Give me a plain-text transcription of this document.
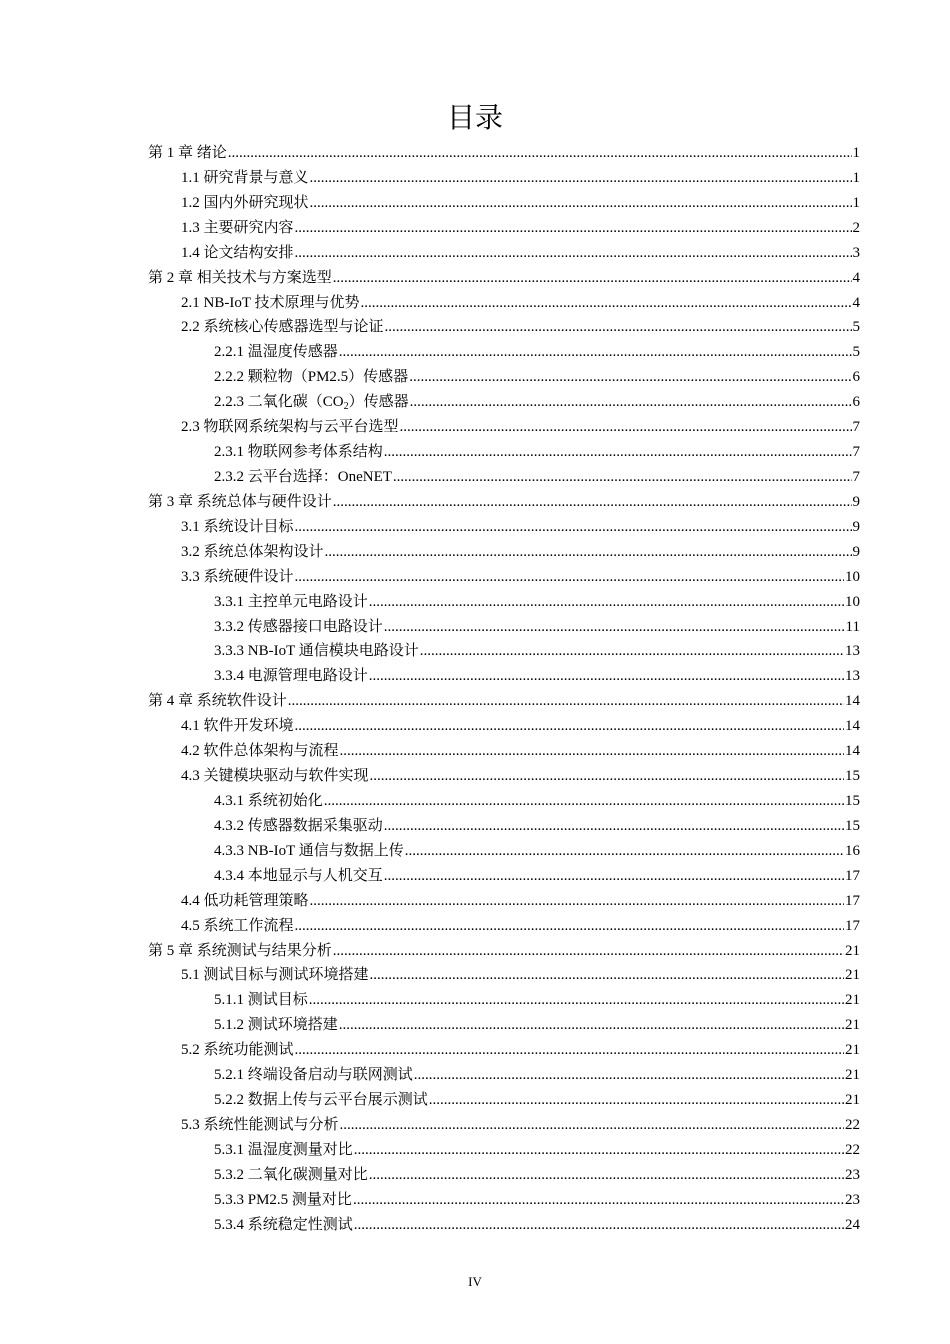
目录
第 1 章 绪论 .....	1
1.1 研究背景与意义 .....	1
1.2 国内外研究现状 .....	1
1.3 主要研究内容 .....	2
1.4 论文结构安排 .....	3
第 2 章 相关技术与方案选型 .....	4
2.1 NB-IoT 技术原理与优势 .....	4
2.2 系统核心传感器选型与论证 .....	5
2.2.1 温湿度传感器 .....	5
2.2.2 颗粒物（PM2.5）传感器 .....	6
2.2.3 二氧化碳$(CO_2)$传感器 .....	6
2.3 物联网系统架构与云平台选型 .....	7
2.3.1 物联网参考体系结构 .....	7
2.3.2 云平台选择：OneNET .....	7
第 3 章 系统总体与硬件设计 .....	9
3.1 系统设计目标 .....	9
3.2 系统总体架构设计 .....	9
3.3 系统硬件设计 .....	10
3.3.1 主控单元电路设计 .....	10
3.3.2 传感器接口电路设计 .....	11
3.3.3 NB-IoT 通信模块电路设计 .....	13
3.3.4 电源管理电路设计 .....	13
第 4 章 系统软件设计 .....	14
4.1 软件开发环境 .....	14
4.2 软件总体架构与流程 .....	14
4.3 关键模块驱动与软件实现 .....	15
4.3.1 系统初始化 .....	15
4.3.2 传感器数据采集驱动 .....	15
4.3.3 NB-IoT 通信与数据上传 .....	16
4.3.4 本地显示与人机交互 .....	17
4.4 低功耗管理策略 .....	17
4.5 系统工作流程 .....	17
第 5 章 系统测试与结果分析 .....	21
5.1 测试目标与测试环境搭建 .....	21
5.1.1 测试目标 .....	21
5.1.2 测试环境搭建 .....	21
5.2 系统功能测试 .....	21
5.2.1 终端设备启动与联网测试 .....	21
5.2.2 数据上传与云平台展示测试 .....	21
5.3 系统性能测试与分析 .....	22
5.3.1 温湿度测量对比 .....	22
5.3.2 二氧化碳测量对比 .....	23
5.3.3 PM2.5 测量对比 .....	23
5.3.4 系统稳定性测试 .....	24
IV
